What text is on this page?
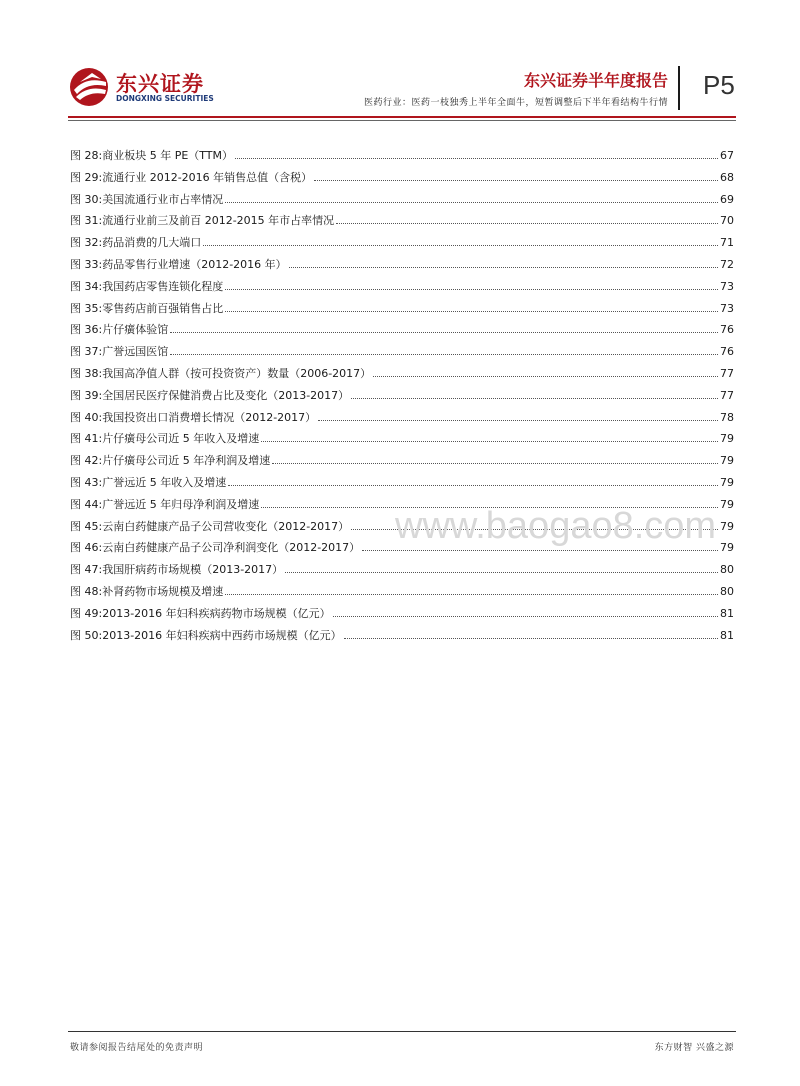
东兴证券
DONGXING SECURITIES
东兴证券半年度报告
医药行业：医药一枝独秀上半年全面牛，短暂调整后下半年看结构牛行情
P5
图 28:商业板块 5 年 PE（TTM）	67
图 29:流通行业 2012-2016 年销售总值（含税）	68
图 30:美国流通行业市占率情况	69
图 31:流通行业前三及前百 2012-2015 年市占率情况	70
图 32:药品消费的几大端口	71
图 33:药品零售行业增速（2012-2016 年）	72
图 34:我国药店零售连锁化程度	73
图 35:零售药店前百强销售占比	73
图 36:片仔癀体验馆	76
图 37:广誉远国医馆	76
图 38:我国高净值人群（按可投资资产）数量（2006-2017）	77
图 39:全国居民医疗保健消费占比及变化（2013-2017）	77
图 40:我国投资出口消费增长情况（2012-2017）	78
图 41:片仔癀母公司近 5 年收入及增速	79
图 42:片仔癀母公司近 5 年净利润及增速	79
图 43:广誉远近 5 年收入及增速	79
图 44:广誉远近 5 年归母净利润及增速	79
图 45:云南白药健康产品子公司营收变化（2012-2017）	79
图 46:云南白药健康产品子公司净利润变化（2012-2017）	79
图 47:我国肝病药市场规模（2013-2017）	80
图 48:补肾药物市场规模及增速	80
图 49:2013-2016 年妇科疾病药物市场规模（亿元）	81
图 50:2013-2016 年妇科疾病中西药市场规模（亿元）	81
www.baogao8.com
敬请参阅报告结尾处的免责声明	东方财智 兴盛之源
